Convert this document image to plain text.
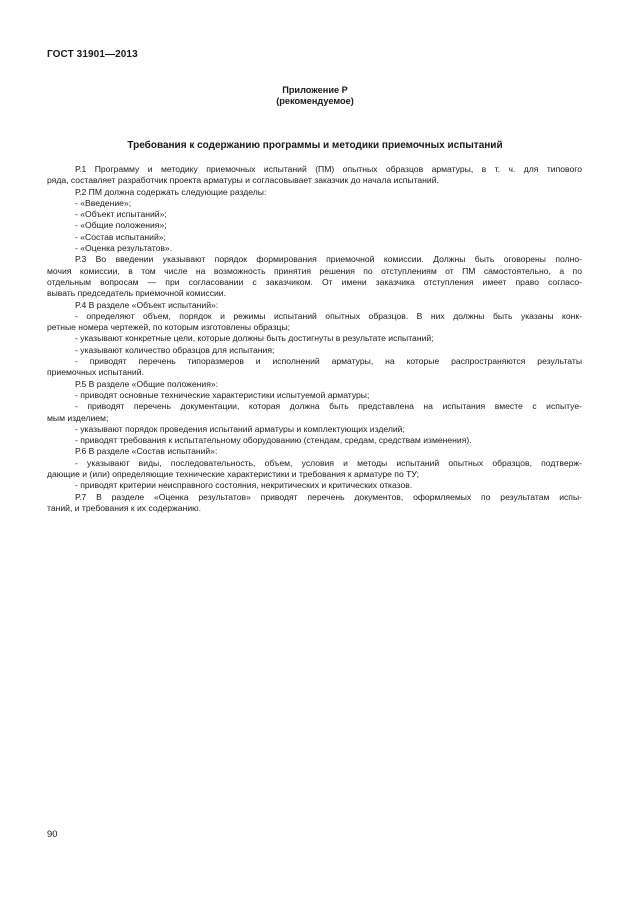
ГОСТ 31901—2013
Приложение Р
(рекомендуемое)
Требования к содержанию программы и методики приемочных испытаний
Р.1 Программу и методику приемочных испытаний (ПМ) опытных образцов арматуры, в т. ч. для типового
ряда, составляет разработчик проекта арматуры и согласовывает заказчик до начала испытаний.
Р.2 ПМ должна содержать следующие разделы:
- «Введение»;
- «Объект испытаний»;
- «Общие положения»;
- «Состав испытаний»;
- «Оценка результатов».
Р.3 Во введении указывают порядок формирования приемочной комиссии. Должны быть оговорены полно-
мочия комиссии, в том числе на возможность принятия решения по отступлениям от ПМ самостоятельно, а по
отдельным вопросам — при согласовании с заказчиком. От имени заказчика отступления имеет право согласо-
вывать председатель приемочной комиссии.
Р.4 В разделе «Объект испытаний»:
- определяют объем, порядок и режимы испытаний опытных образцов. В них должны быть указаны конк-
ретные номера чертежей, по которым изготовлены образцы;
- указывают конкретные цели, которые должны быть достигнуты в результате испытаний;
- указывают количество образцов для испытания;
- приводят перечень типоразмеров и исполнений арматуры, на которые распространяются результаты
приемочных испытаний.
Р.5 В разделе «Общие положения»:
- приводят основные технические характеристики испытуемой арматуры;
- приводят перечень документации, которая должна быть представлена на испытания вместе с испытуе-
мым изделием;
- указывают порядок проведения испытаний арматуры и комплектующих изделий;
- приводят требования к испытательному оборудованию (стендам, средам, средствам изменения).
Р.6 В разделе «Состав испытаний»:
- указывают виды, последовательность, объем, условия и методы испытаний опытных образцов, подтверж-
дающие и (или) определяющие технические характеристики и требования к арматуре по ТУ;
- приводят критерии неисправного состояния, некритических и критических отказов.
Р.7 В разделе «Оценка результатов» приводят перечень документов, оформляемых по результатам испы-
таний, и требования к их содержанию.
90
